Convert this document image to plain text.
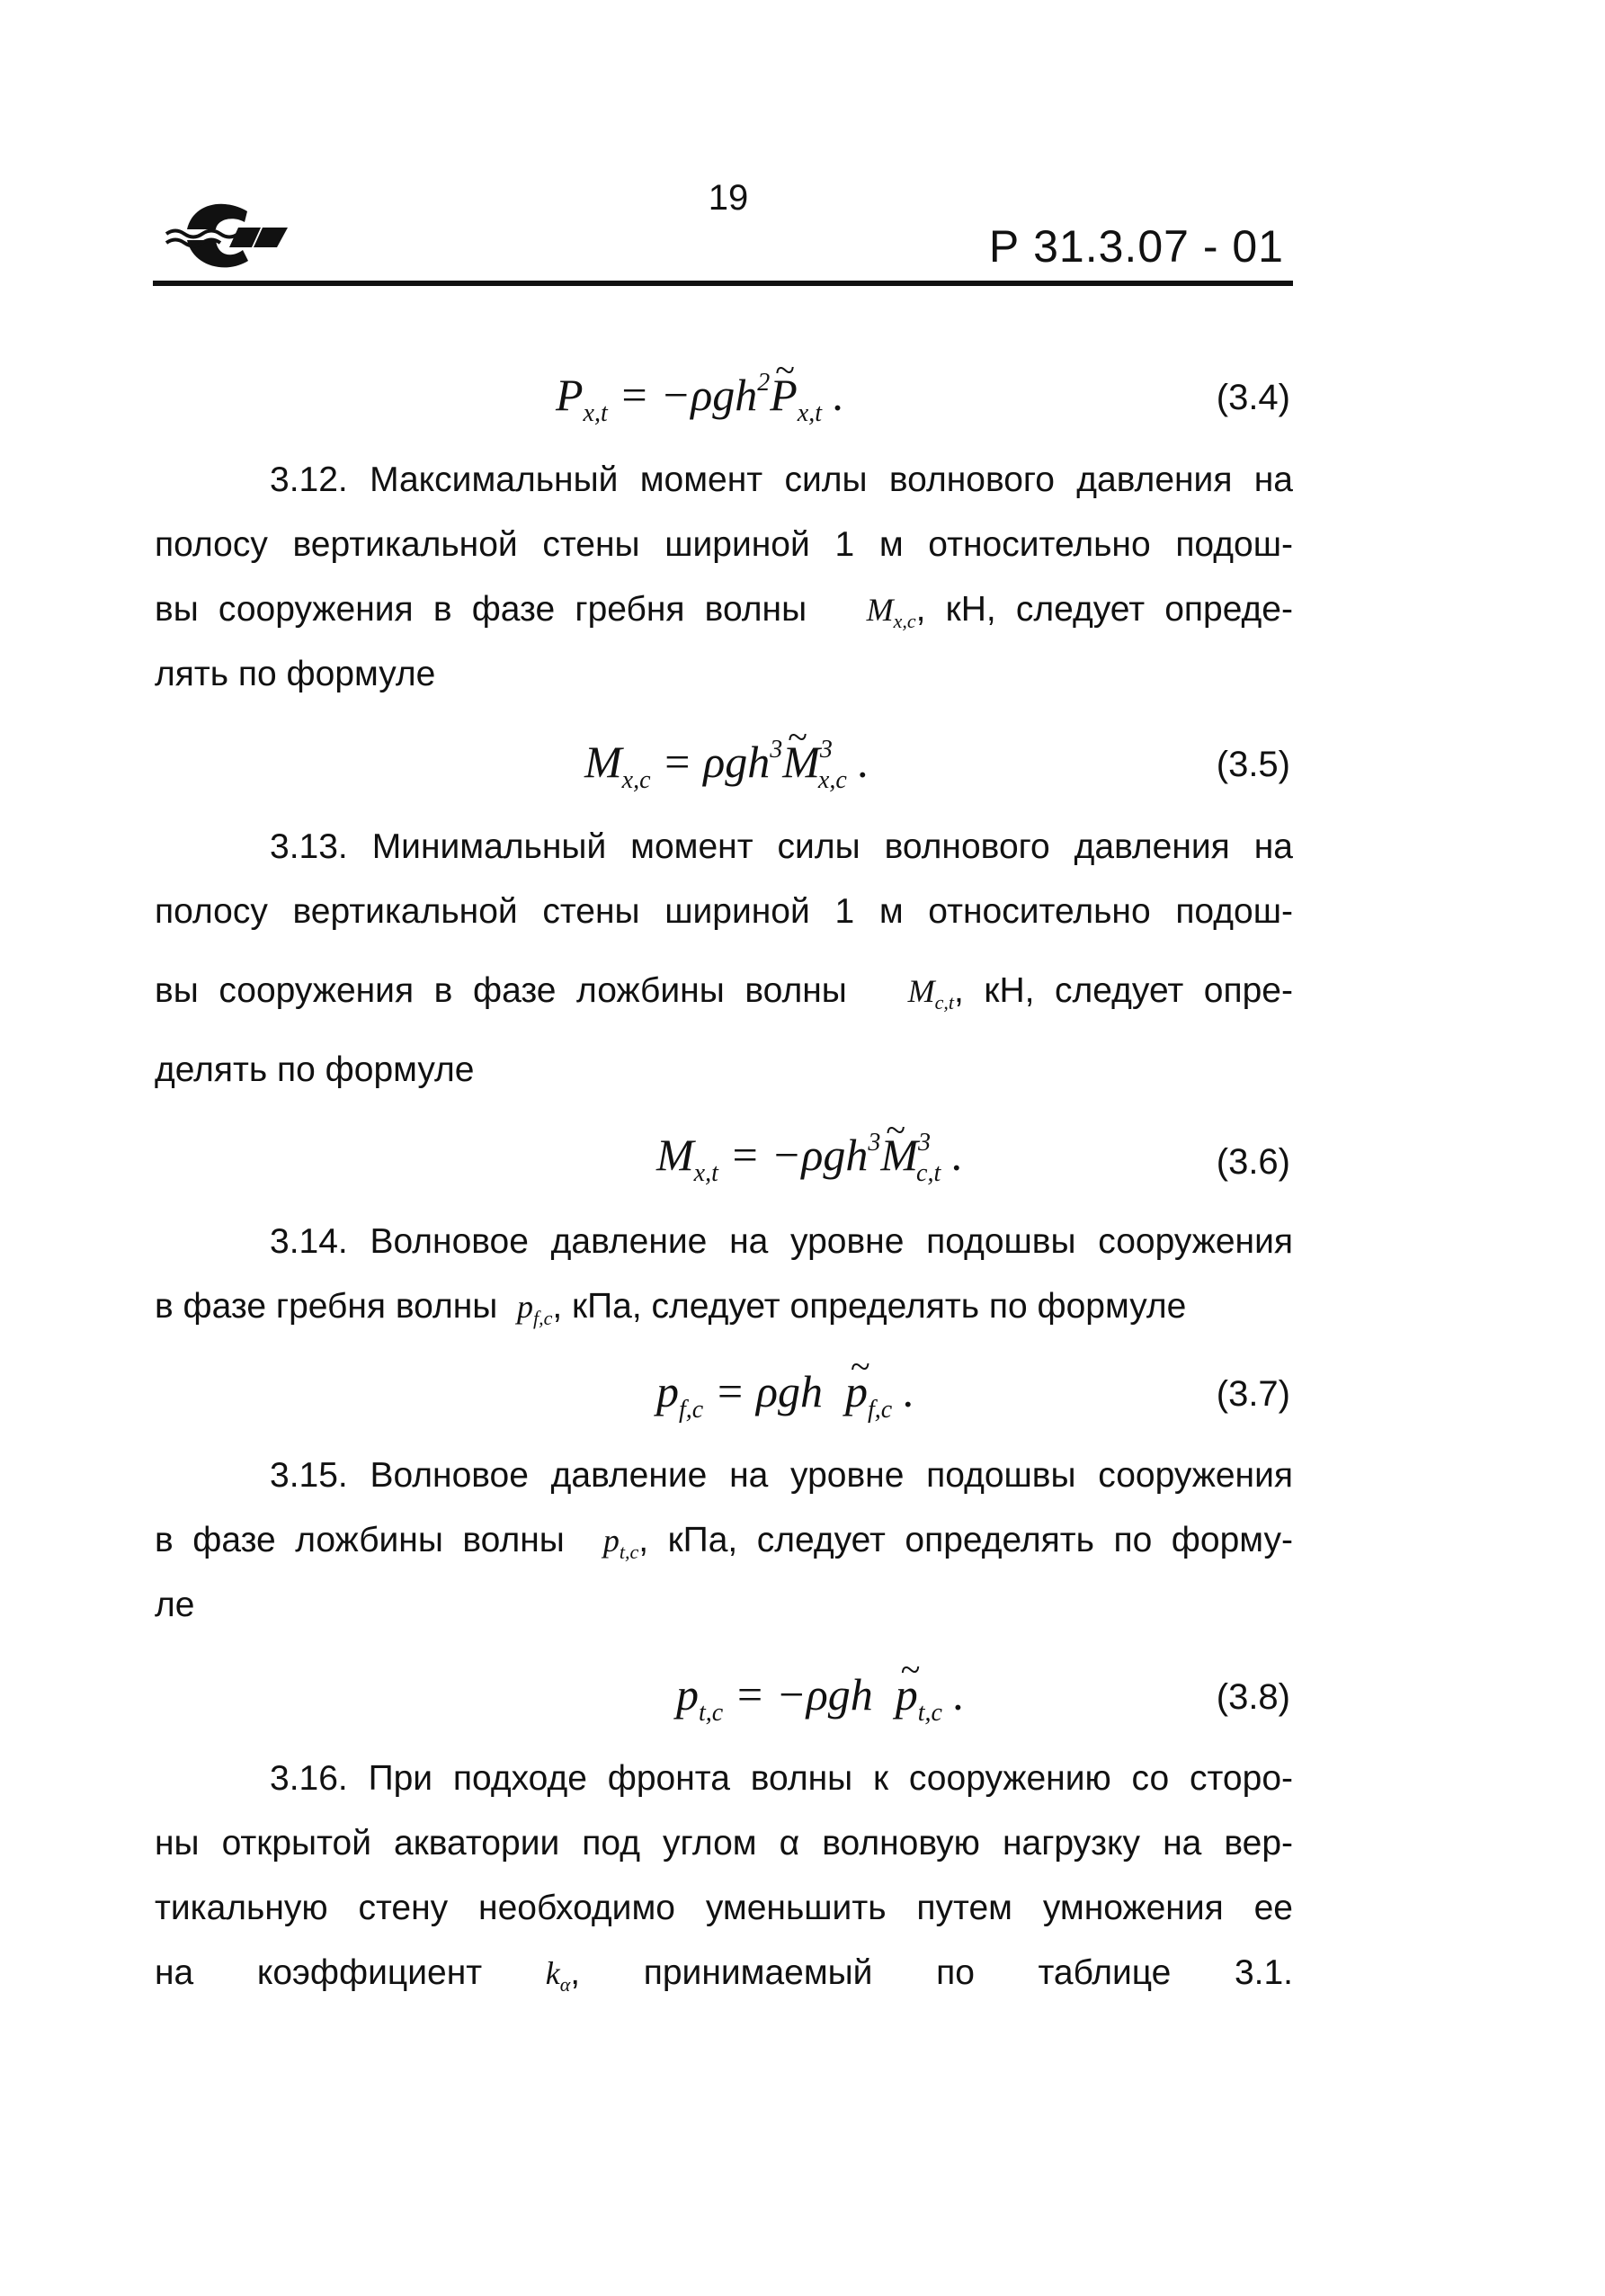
19
Р 31.3.07 - 01
$P_{x,t}$ = −ρgh$^2$~ $P_{x,t}$ .	(3.4)
3.12. Максимальный момент силы волнового давления на
полосу вертикальной стены шириной 1 м относительно подош-
вы сооружения в фазе гребня волны $M_{x,c}$, кН, следует опреде-
лять по формуле
$M_{x,c}$ = ρgh$^3$~ $M^3_{x,c}$ .	(3.5)
3.13. Минимальный момент силы волнового давления на
полосу вертикальной стены шириной 1 м относительно подош-
вы сооружения в фазе ложбины волны $M_{c,t}$, кН, следует опре-
делять по формуле
$M_{x,t}$ = −ρgh$^3$~ $M^3_{c,t}$ .	(3.6)
3.14. Волновое давление на уровне подошвы сооружения
в фазе гребня волны $p_{f,c}$, кПа, следует определять по формуле
$p_{f,c} = \rho gh$  ~ $p_{f,c}$ .	(3.7)
3.15. Волновое давление на уровне подошвы сооружения
в фазе ложбины волны $p_{t,c}$, кПа, следует определять по форму-
ле
$p_{t,c} = -\rho gh$  ~ $p_{t,c}$ .	(3.8)
3.16. При подходе фронта волны к сооружению со сторо-
ны открытой акватории под углом α волновую нагрузку на вер-
тикальную стену необходимо уменьшить путем умножения ее
на коэффициент $k_\alpha$, принимаемый по таблице 3.1.
